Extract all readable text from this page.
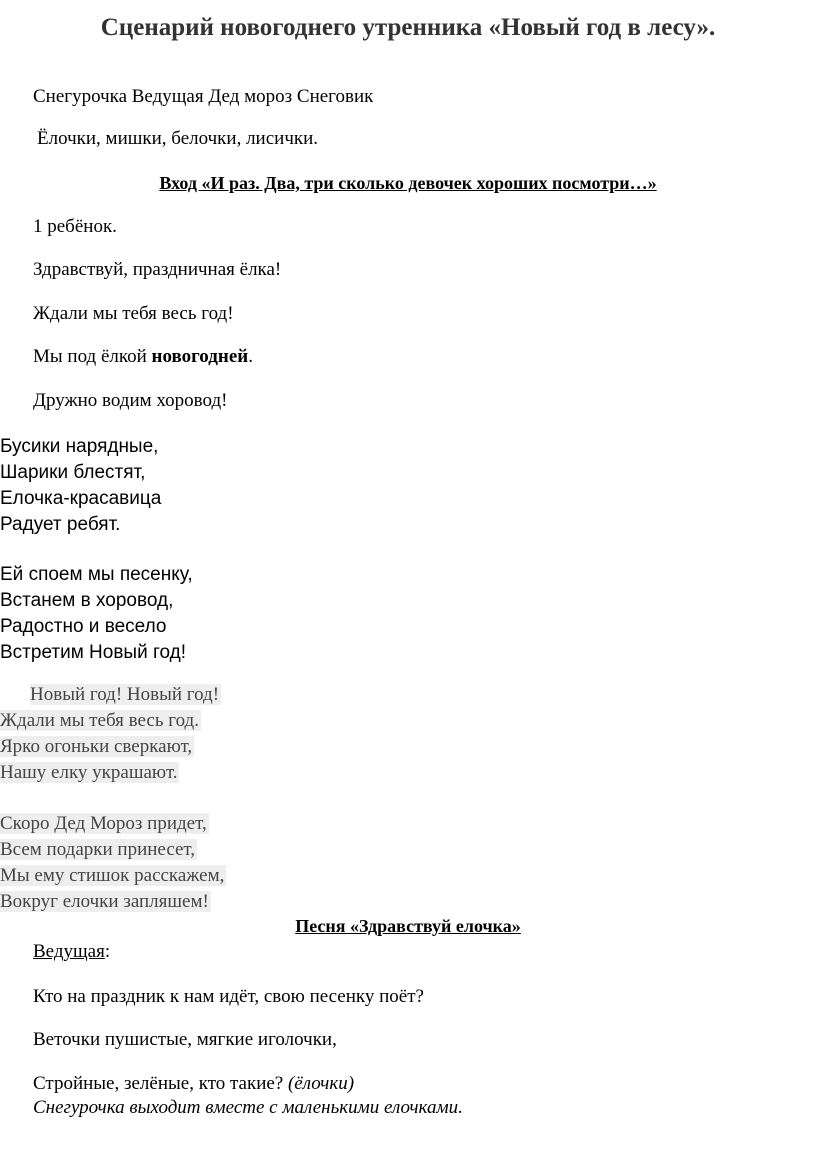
Сценарий новогоднего утренника «Новый год в лесу».
Снегурочка Ведущая Дед мороз Снеговик
Ёлочки, мишки, белочки, лисички.
Вход «И раз. Два, три сколько девочек хороших посмотри…»
1 ребёнок.
Здравствуй, праздничная ёлка!
Ждали мы тебя весь год!
Мы под ёлкой новогодней.
Дружно водим хоровод!
Бусики нарядные,
Шарики блестят,
Елочка-красавица
Радует ребят.
Ей споем мы песенку,
Встанем в хоровод,
Радостно и весело
Встретим Новый год!
Новый год! Новый год!
Ждали мы тебя весь год.
Ярко огоньки сверкают,
Нашу елку украшают.
Скоро Дед Мороз придет,
Всем подарки принесет,
Мы ему стишок расскажем,
Вокруг елочки запляшем!
Песня «Здравствуй елочка»
Ведущая:
Кто на праздник к нам идёт, свою песенку поёт?
Веточки пушистые, мягкие иголочки,
Стройные, зелёные, кто такие? (ёлочки)
Снегурочка выходит вместе с маленькими елочками.
